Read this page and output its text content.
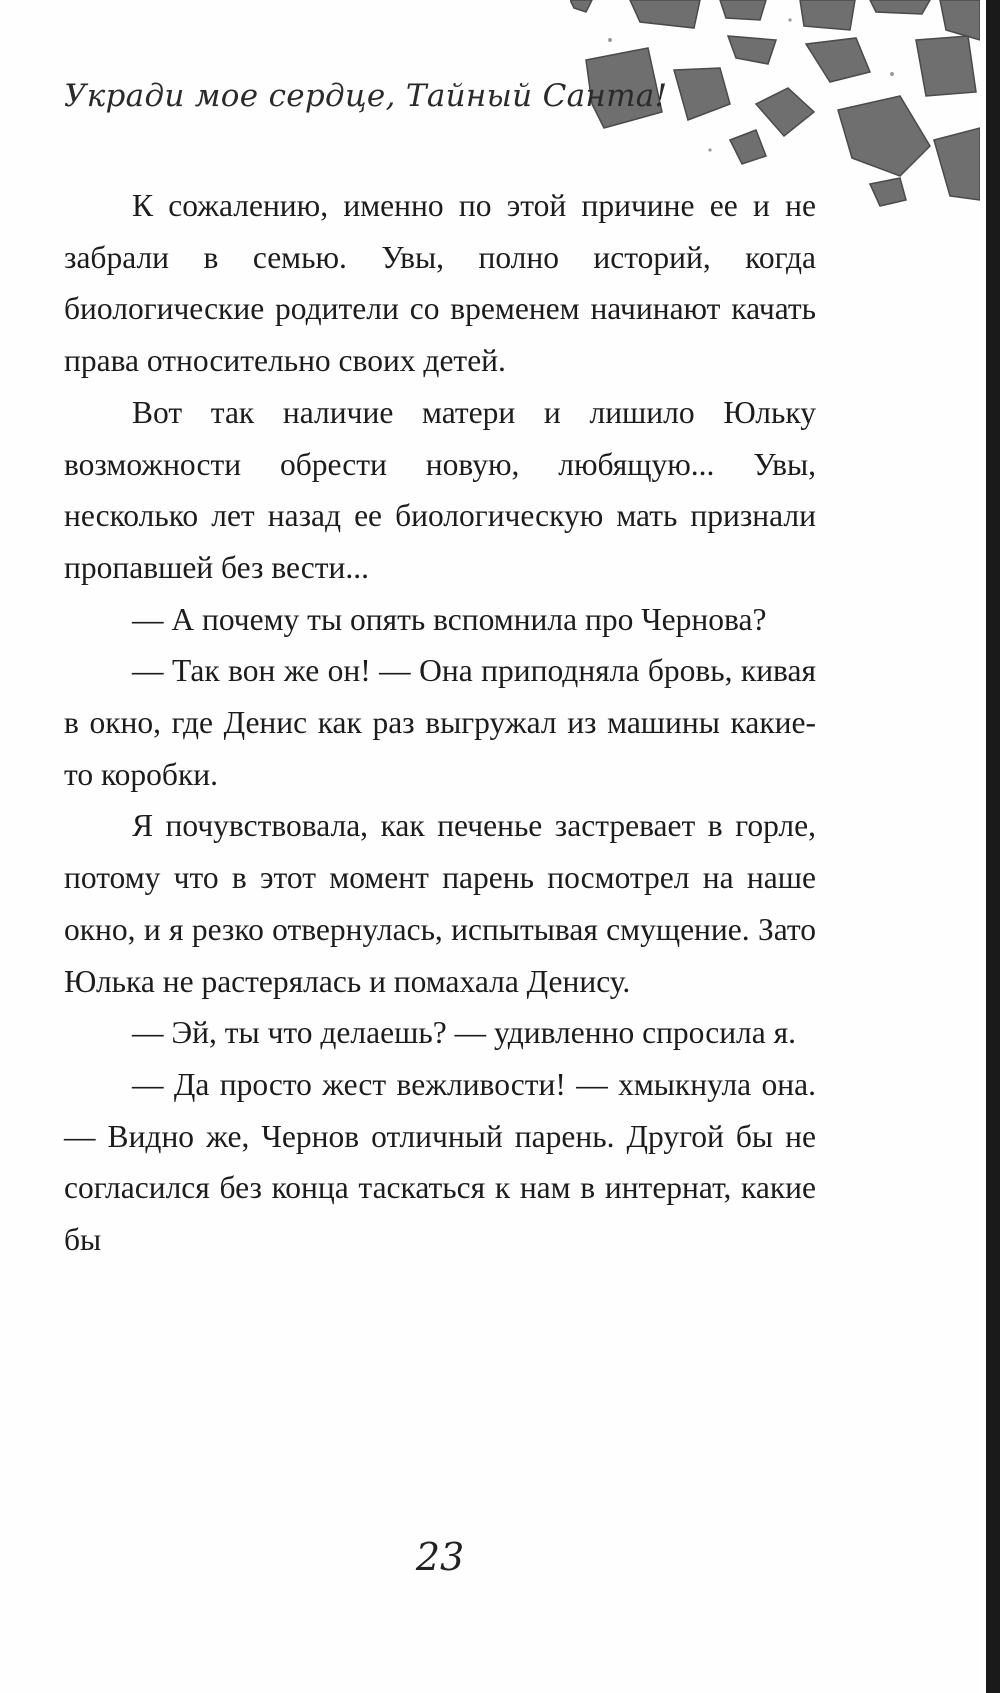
Укради мое сердце, Тайный Санта!

К сожалению, именно по этой причине ее и не забрали в семью. Увы, полно историй, когда биологические родители со временем начинают качать права относительно своих детей.

Вот так наличие матери и лишило Юльку возможности обрести новую, любящую... Увы, несколько лет назад ее биологическую мать признали пропавшей без вести...

— А почему ты опять вспомнила про Чернова?

— Так вон же он! — Она приподняла бровь, кивая в окно, где Денис как раз выгружал из машины какие-то коробки.

Я почувствовала, как печенье застревает в горле, потому что в этот момент парень посмотрел на наше окно, и я резко отвернулась, испытывая смущение. Зато Юлька не растерялась и помахала Денису.

— Эй, ты что делаешь? — удивленно спросила я.

— Да просто жест вежливости! — хмыкнула она. — Видно же, Чернов отличный парень. Другой бы не согласился без конца таскаться к нам в интернат, какие бы

23
